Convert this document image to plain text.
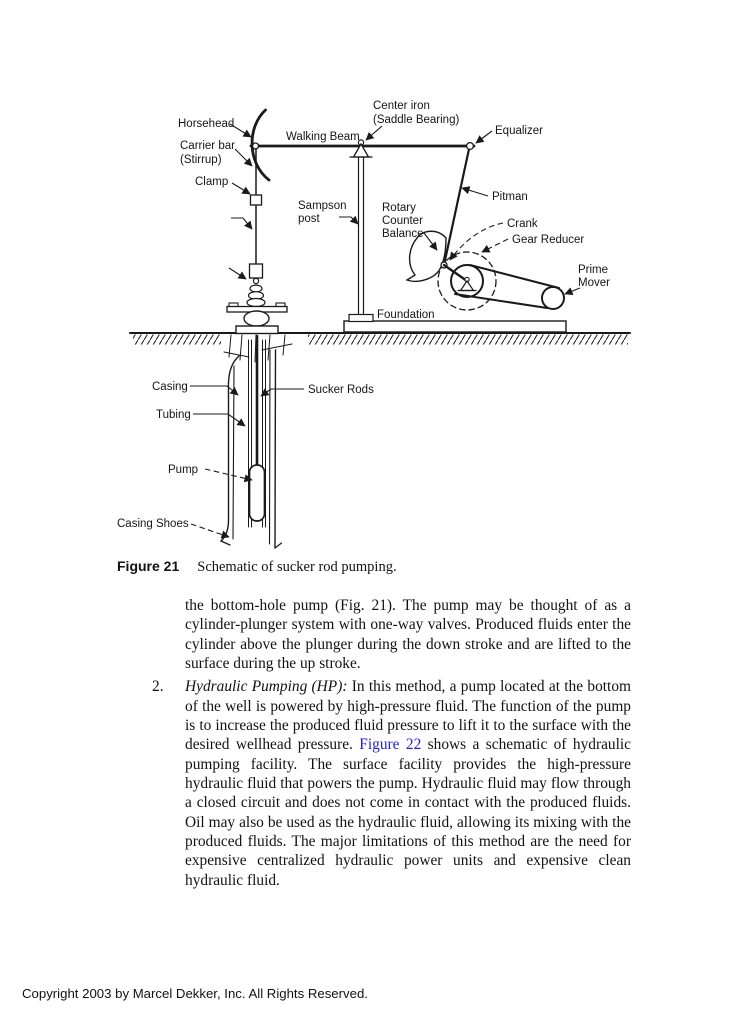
Horsehead
Carrier bar
(Stirrup)
Clamp
Walking Beam
Center iron
(Saddle Bearing)
Equalizer
Pitman
Sampson
post
Rotary
Counter
Balance
Crank
Gear Reducer
Prime
Mover
Foundation
Casing	Sucker Rods
Tubing
Pump
Casing Shoes
Figure 21 Schematic of sucker rod pumping.

the bottom-hole pump (Fig. 21). The pump may be thought of as a cylinder-plunger system with one-way valves. Produced fluids enter the cylinder above the plunger during the down stroke and are lifted to the surface during the up stroke.

2. Hydraulic Pumping (HP): In this method, a pump located at the bottom of the well is powered by high-pressure fluid. The function of the pump is to increase the produced fluid pressure to lift it to the surface with the desired wellhead pressure. Figure 22 shows a schematic of hydraulic pumping facility. The surface facility provides the high-pressure hydraulic fluid that powers the pump. Hydraulic fluid may flow through a closed circuit and does not come in contact with the produced fluids. Oil may also be used as the hydraulic fluid, allowing its mixing with the produced fluids. The major limitations of this method are the need for expensive centralized hydraulic power units and expensive clean hydraulic fluid.

Copyright 2003 by Marcel Dekker, Inc. All Rights Reserved.
